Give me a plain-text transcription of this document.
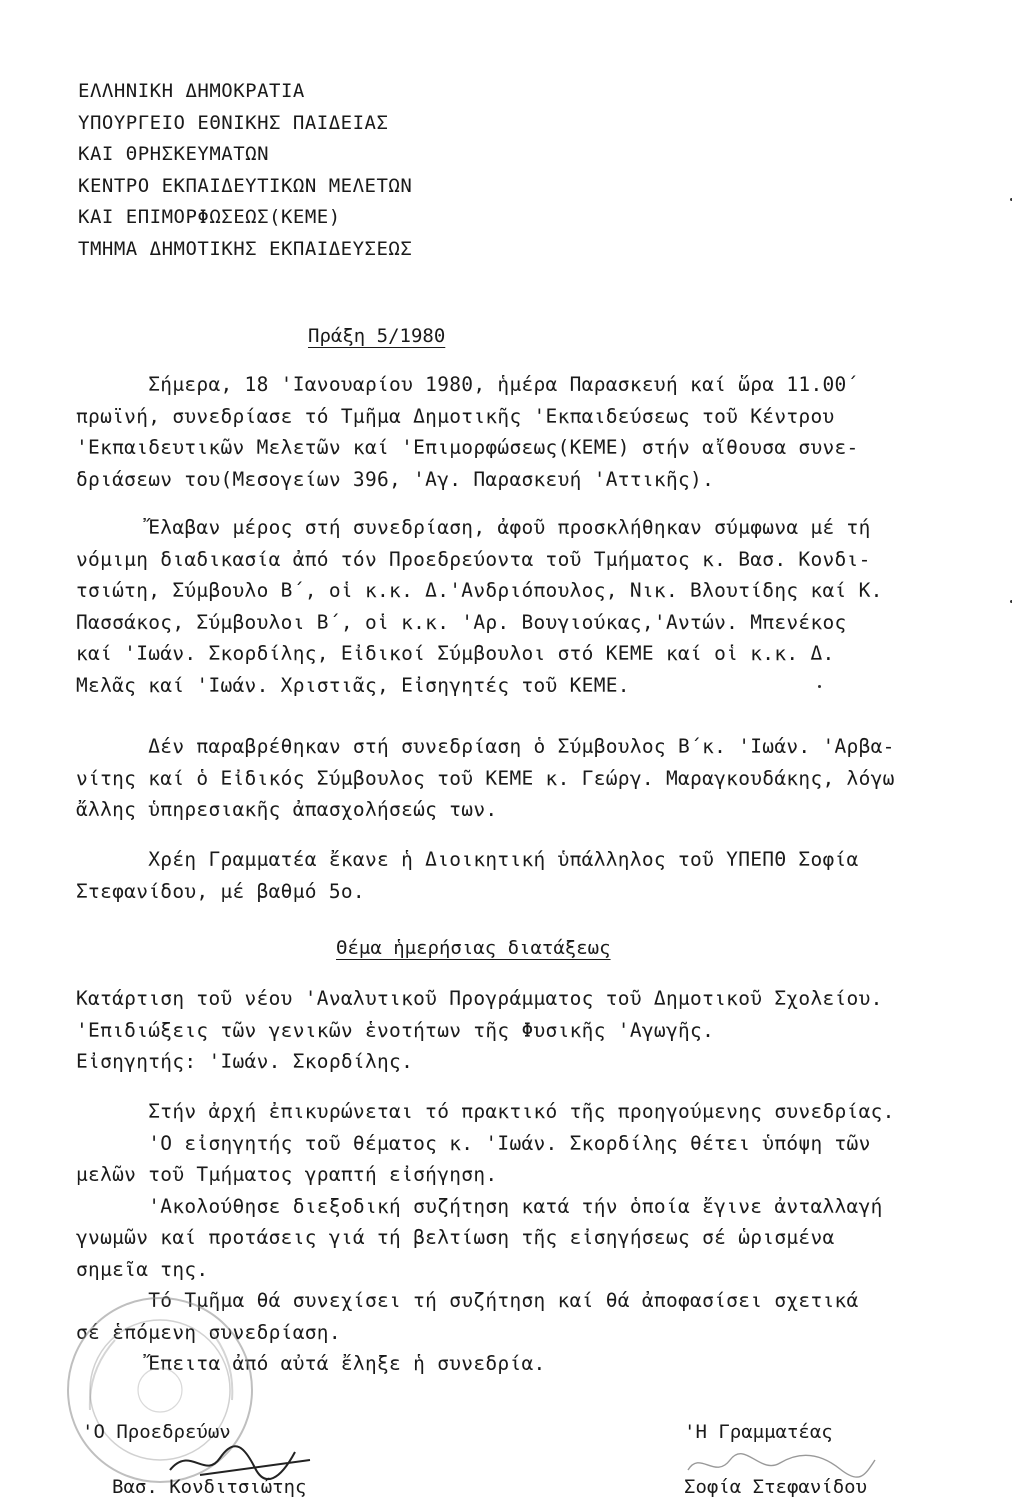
ΕΛΛΗΝΙΚΗ ΔΗΜΟΚΡΑΤΙΑ
ΥΠΟΥΡΓΕΙΟ ΕΘΝΙΚΗΣ ΠΑΙΔΕΙΑΣ
ΚΑΙ ΘΡΗΣΚΕΥΜΑΤΩΝ
ΚΕΝΤΡΟ ΕΚΠΑΙΔΕΥΤΙΚΩΝ ΜΕΛΕΤΩΝ
ΚΑΙ ΕΠΙΜΟΡΦΩΣΕΩΣ(ΚΕΜΕ)
ΤΜΗΜΑ ΔΗΜΟΤΙΚΗΣ ΕΚΠΑΙΔΕΥΣΕΩΣ
Πράξη 5/1980
Σήμερα, 18 'Ιανουαρίου 1980, ἡμέρα Παρασκευή καί ὥρα 11.00΄
πρωϊνή, συνεδρίασε τό Τμῆμα Δημοτικῆς 'Εκπαιδεύσεως τοῦ Κέντρου
'Εκπαιδευτικῶν Μελετῶν καί 'Επιμορφώσεως(ΚΕΜΕ) στήν αἴθουσα συνε-
δριάσεων του(Μεσογείων 396, 'Αγ. Παρασκευή 'Αττικῆς).
Ἔλαβαν μέρος στή συνεδρίαση, ἀφοῦ προσκλήθηκαν σύμφωνα μέ τή
νόμιμη διαδικασία ἀπό τόν Προεδρεύοντα τοῦ Τμήματος κ. Βασ. Κονδι-
τσιώτη, Σύμβουλο Β΄, οἱ κ.κ. Δ.'Ανδριόπουλος, Νικ. Βλουτίδης καί Κ.
Πασσάκος, Σύμβουλοι Β΄, οἱ κ.κ. 'Αρ. Βουγιούκας,'Αντών. Μπενέκος
καί 'Ιωάν. Σκορδίλης, Εἰδικοί Σύμβουλοι στό ΚΕΜΕ καί οἱ κ.κ. Δ.
Μελᾶς καί 'Ιωάν. Χριστιᾶς, Εἰσηγητές τοῦ ΚΕΜΕ.
Δέν παραβρέθηκαν στή συνεδρίαση ὁ Σύμβουλος Β΄κ. 'Ιωάν. 'Αρβα-
νίτης καί ὁ Εἰδικός Σύμβουλος τοῦ ΚΕΜΕ κ. Γεώργ. Μαραγκουδάκης, λόγω
ἄλλης ὑπηρεσιακῆς ἀπασχολήσεώς των.
Χρέη Γραμματέα ἔκανε ἡ Διοικητική ὑπάλληλος τοῦ ΥΠΕΠΘ Σοφία
Στεφανίδου, μέ βαθμό 5ο.
Θέμα ἡμερήσιας διατάξεως
Κατάρτιση τοῦ νέου 'Αναλυτικοῦ Προγράμματος τοῦ Δημοτικοῦ Σχολείου.
'Επιδιώξεις τῶν γενικῶν ἑνοτήτων τῆς Φυσικῆς 'Αγωγῆς.
Εἰσηγητής: 'Ιωάν. Σκορδίλης.
Στήν ἀρχή ἐπικυρώνεται τό πρακτικό τῆς προηγούμενης συνεδρίας.
'Ο εἰσηγητής τοῦ θέματος κ. 'Ιωάν. Σκορδίλης θέτει ὑπόψη τῶν
μελῶν τοῦ Τμήματος γραπτή εἰσήγηση.
'Ακολούθησε διεξοδική συζήτηση κατά τήν ὁποία ἔγινε ἀνταλλαγή
γνωμῶν καί προτάσεις γιά τή βελτίωση τῆς εἰσηγήσεως σέ ὡρισμένα
σημεῖα της.
Τό Τμῆμα θά συνεχίσει τή συζήτηση καί θά ἀποφασίσει σχετικά
σέ ἑπόμενη συνεδρίαση.
Ἔπειτα ἀπό αὐτά ἔληξε ἡ συνεδρία.
'Ο Προεδρεύων
Βασ. Κονδιτσιώτης
'Η Γραμματέας
Σοφία Στεφανίδου
